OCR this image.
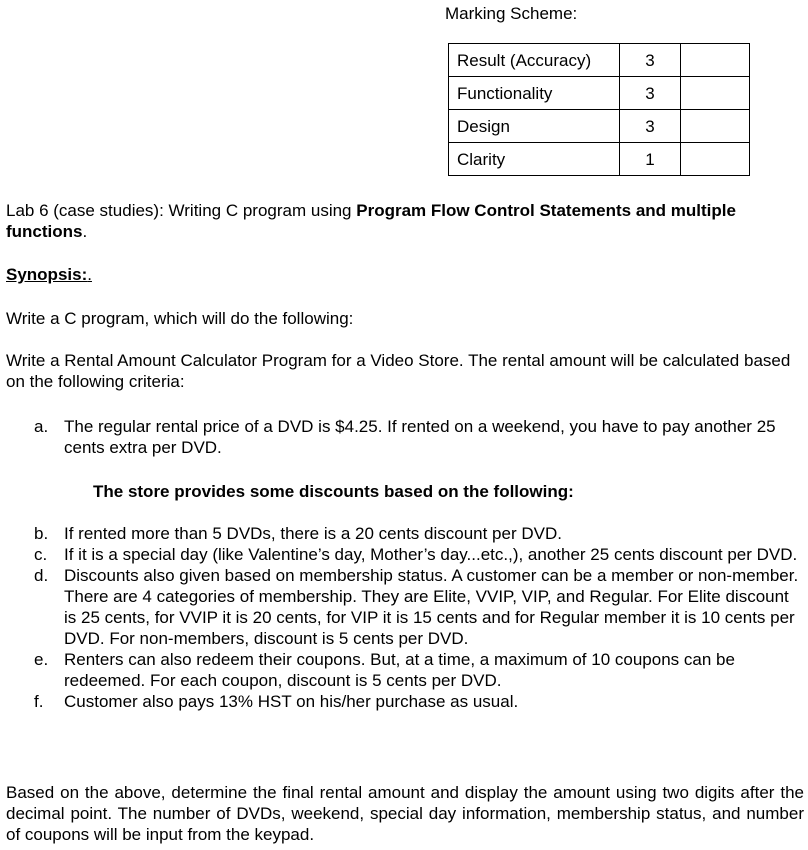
Marking Scheme:
Result (Accuracy)	3	
Functionality	3	
Design	3	
Clarity	1	
Lab 6 (case studies): Writing C program using Program Flow Control Statements and multiple functions.
Synopsis:.
Write a C program, which will do the following:
Write a Rental Amount Calculator Program for a Video Store. The rental amount will be calculated based on the following criteria:
a. The regular rental price of a DVD is $4.25. If rented on a weekend, you have to pay another 25 cents extra per DVD.
The store provides some discounts based on the following:
b. If rented more than 5 DVDs, there is a 20 cents discount per DVD.
c. If it is a special day (like Valentine’s day, Mother’s day...etc.,), another 25 cents discount per DVD.
d. Discounts also given based on membership status. A customer can be a member or non-member. There are 4 categories of membership. They are Elite, VVIP, VIP, and Regular. For Elite discount is 25 cents, for VVIP it is 20 cents, for VIP it is 15 cents and for Regular member it is 10 cents per DVD. For non-members, discount is 5 cents per DVD.
e. Renters can also redeem their coupons. But, at a time, a maximum of 10 coupons can be redeemed. For each coupon, discount is 5 cents per DVD.
f. Customer also pays 13% HST on his/her purchase as usual.
Based on the above, determine the final rental amount and display the amount using two digits after the decimal point. The number of DVDs, weekend, special day information, membership status, and number of coupons will be input from the keypad.
